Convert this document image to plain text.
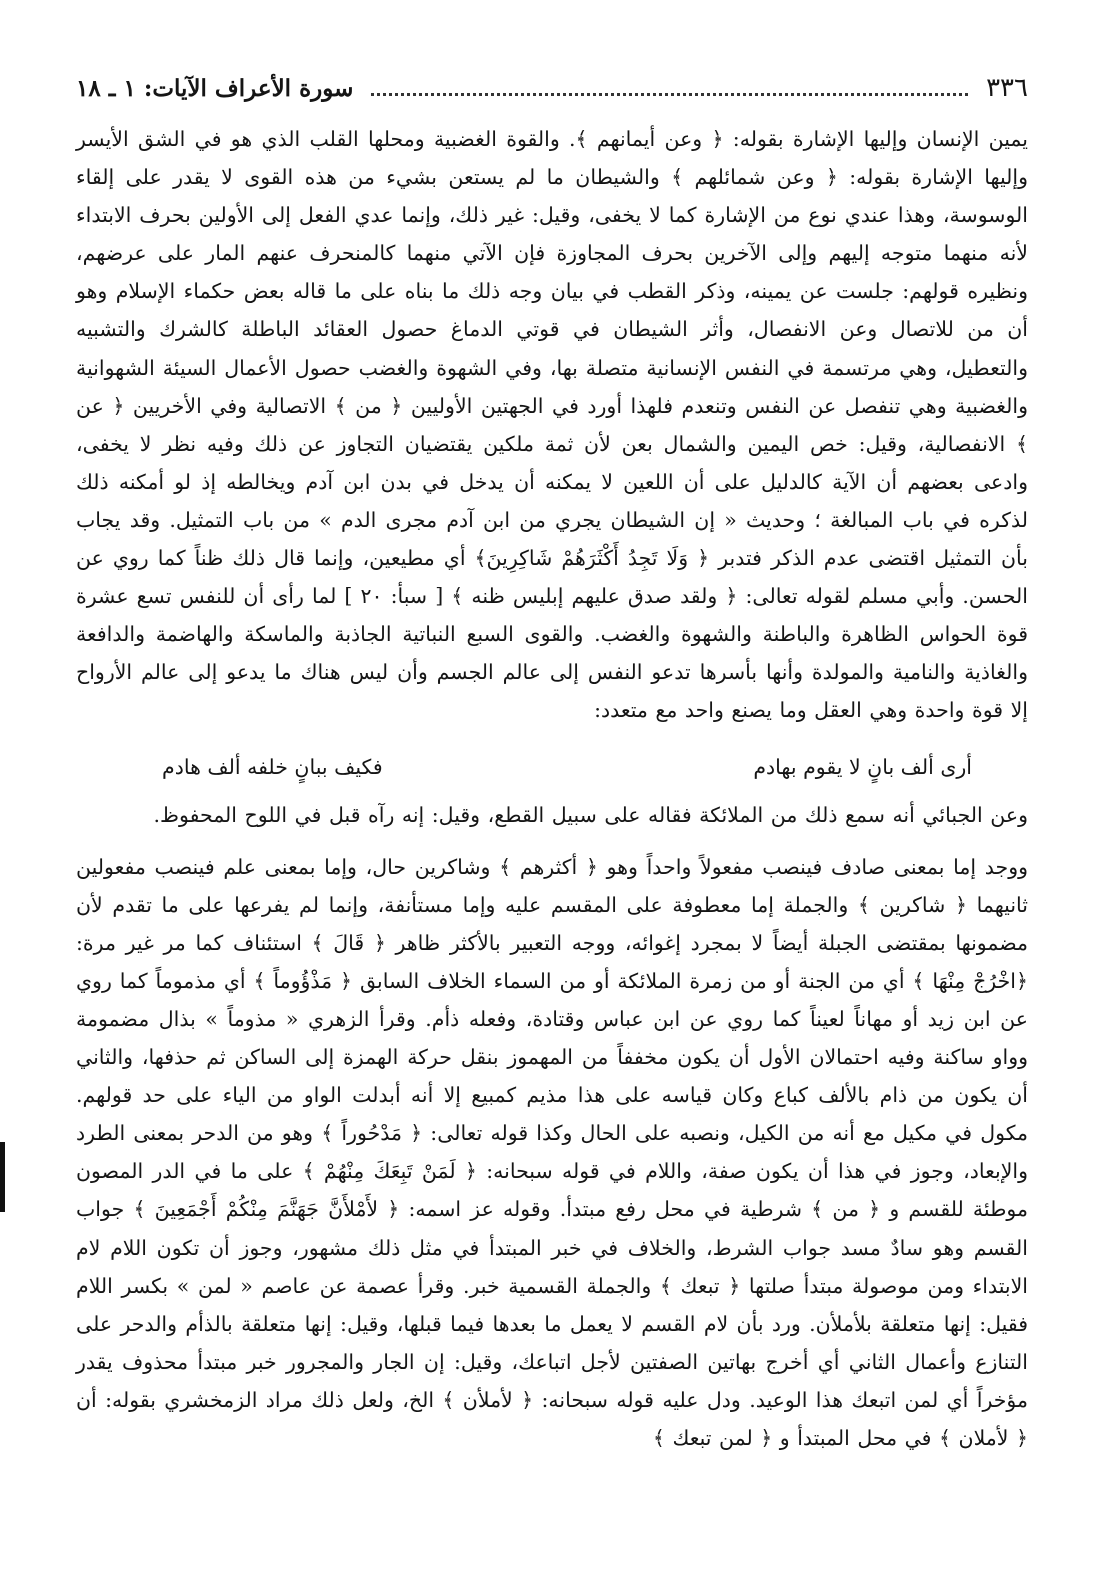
٣٣٦
سورة الأعراف الآيات: ١ ـ ١٨

يمين الإنسان وإليها الإشارة بقوله: ﴿ وعن أيمانهم ﴾. والقوة الغضبية ومحلها القلب الذي هو في الشق الأيسر وإليها الإشارة بقوله: ﴿ وعن شمائلهم ﴾ والشيطان ما لم يستعن بشيء من هذه القوى لا يقدر على إلقاء الوسوسة، وهذا عندي نوع من الإشارة كما لا يخفى، وقيل: غير ذلك، وإنما عدي الفعل إلى الأولين بحرف الابتداء لأنه منهما متوجه إليهم وإلى الآخرين بحرف المجاوزة فإن الآتي منهما كالمنحرف عنهم المار على عرضهم، ونظيره قولهم: جلست عن يمينه، وذكر القطب في بيان وجه ذلك ما بناه على ما قاله بعض حكماء الإسلام وهو أن من للاتصال وعن الانفصال، وأثر الشيطان في قوتي الدماغ حصول العقائد الباطلة كالشرك والتشبيه والتعطيل، وهي مرتسمة في النفس الإنسانية متصلة بها، وفي الشهوة والغضب حصول الأعمال السيئة الشهوانية والغضبية وهي تنفصل عن النفس وتنعدم فلهذا أورد في الجهتين الأوليين ﴿ من ﴾ الاتصالية وفي الأخريين ﴿ عن ﴾ الانفصالية، وقيل: خص اليمين والشمال بعن لأن ثمة ملكين يقتضيان التجاوز عن ذلك وفيه نظر لا يخفى، وادعى بعضهم أن الآية كالدليل على أن اللعين لا يمكنه أن يدخل في بدن ابن آدم ويخالطه إذ لو أمكنه ذلك لذكره في باب المبالغة ؛ وحديث « إن الشيطان يجري من ابن آدم مجرى الدم » من باب التمثيل. وقد يجاب بأن التمثيل اقتضى عدم الذكر فتدبر ﴿ وَلَا تَجِدُ أَكْثَرَهُمْ شَاكِرِينَ﴾ أي مطيعين، وإنما قال ذلك ظناً كما روي عن الحسن. وأبي مسلم لقوله تعالى: ﴿ ولقد صدق عليهم إبليس ظنه ﴾ [ سبأ: ٢٠ ] لما رأى أن للنفس تسع عشرة قوة الحواس الظاهرة والباطنة والشهوة والغضب. والقوى السبع النباتية الجاذبة والماسكة والهاضمة والدافعة والغاذية والنامية والمولدة وأنها بأسرها تدعو النفس إلى عالم الجسم وأن ليس هناك ما يدعو إلى عالم الأرواح إلا قوة واحدة وهي العقل وما يصنع واحد مع متعدد:

أرى ألف بانٍ لا يقوم بهادم
فكيف ببانٍ خلفه ألف هادم

وعن الجبائي أنه سمع ذلك من الملائكة فقاله على سبيل القطع، وقيل: إنه رآه قبل في اللوح المحفوظ.

ووجد إما بمعنى صادف فينصب مفعولاً واحداً وهو ﴿ أكثرهم ﴾ وشاكرين حال، وإما بمعنى علم فينصب مفعولين ثانيهما ﴿ شاكرين ﴾ والجملة إما معطوفة على المقسم عليه وإما مستأنفة، وإنما لم يفرعها على ما تقدم لأن مضمونها بمقتضى الجبلة أيضاً لا بمجرد إغوائه، ووجه التعبير بالأكثر ظاهر ﴿ قَالَ ﴾ استئناف كما مر غير مرة: ﴿اخْرُجْ مِنْهَا ﴾ أي من الجنة أو من زمرة الملائكة أو من السماء الخلاف السابق ﴿ مَذْؤُوماً ﴾ أي مذموماً كما روي عن ابن زيد أو مهاناً لعيناً كما روي عن ابن عباس وقتادة، وفعله ذأم. وقرأ الزهري « مذوماً » بذال مضمومة وواو ساكنة وفيه احتمالان الأول أن يكون مخففاً من المهموز بنقل حركة الهمزة إلى الساكن ثم حذفها، والثاني أن يكون من ذام بالألف كباع وكان قياسه على هذا مذيم كمبيع إلا أنه أبدلت الواو من الياء على حد قولهم. مكول في مكيل مع أنه من الكيل، ونصبه على الحال وكذا قوله تعالى: ﴿ مَدْحُوراً ﴾ وهو من الدحر بمعنى الطرد والإبعاد، وجوز في هذا أن يكون صفة، واللام في قوله سبحانه: ﴿ لَمَنْ تَبِعَكَ مِنْهُمْ ﴾ على ما في الدر المصون موطئة للقسم و ﴿ من ﴾ شرطية في محل رفع مبتدأ. وقوله عز اسمه: ﴿ لأَمْلأَنَّ جَهَنَّمَ مِنْكُمْ أَجْمَعِينَ ﴾ جواب القسم وهو سادٌ مسد جواب الشرط، والخلاف في خبر المبتدأ في مثل ذلك مشهور، وجوز أن تكون اللام لام الابتداء ومن موصولة مبتدأ صلتها ﴿ تبعك ﴾ والجملة القسمية خبر. وقرأ عصمة عن عاصم « لمن » بكسر اللام فقيل: إنها متعلقة بلأملأن. ورد بأن لام القسم لا يعمل ما بعدها فيما قبلها، وقيل: إنها متعلقة بالذأم والدحر على التنازع وأعمال الثاني أي أخرج بهاتين الصفتين لأجل اتباعك، وقيل: إن الجار والمجرور خبر مبتدأ محذوف يقدر مؤخراً أي لمن اتبعك هذا الوعيد. ودل عليه قوله سبحانه: ﴿ لأملأن ﴾ الخ، ولعل ذلك مراد الزمخشري بقوله: أن ﴿ لأملان ﴾ في محل المبتدأ و ﴿ لمن تبعك ﴾
